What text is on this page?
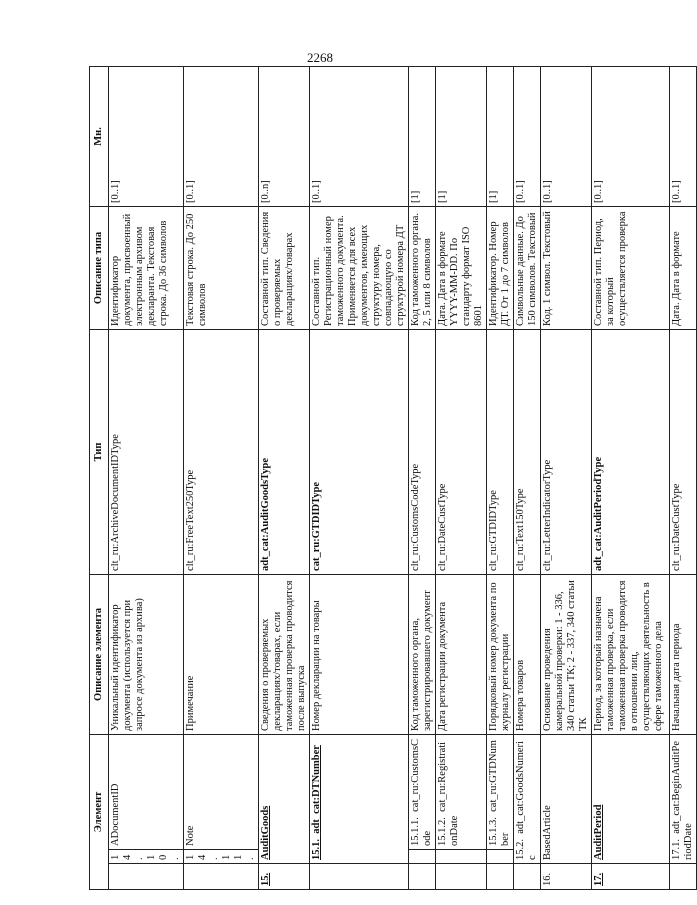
2268
Элемент			Описание элемента	Тип	Описание типа	Мн.
	14.10.	ADocumentID	Уникальный идентификатор документа (используется при запросе документа из архива)	clt_ru:ArchiveDocumentIDType	Идентификатор документа, присвоенный электронным архивом декларанта. Текстовая строка. До 36 символов	[0..1]
	14.11.	Note	Примечание	clt_ru:FreeText250Type	Текстовая строка. До 250 символов	[0..1]
15.	AuditGoods		Сведения о проверяемых декларациях/товарах, если таможенная проверка проводится после выпуска	adt_cat:AuditGoodsType	Составной тип. Сведения о проверяемых декларациях/товарах	[0..n]
	15.1.  adt_cat:DTNumber		Номер декларации на товары	cat_ru:GTDIDType	Составной тип. Регистрационный номер таможенного документа. Применяется для всех документов, имеющих структуру номера, совпадающую со структурой номера ДТ	[0..1]
		15.1.1.  cat_ru:CustomsCode	Код таможенного органа, зарегистрировавшего документ	clt_ru:CustomsCodeType	Код таможенного органа. 2, 5 или 8 символов	[1]
		15.1.2.  cat_ru:RegistrationDate	Дата регистрации документа	clt_ru:DateCustType	Дата. Дата в формате YYYY-MM-DD. По стандарту формат ISO 8601	[1]
		15.1.3.  cat_ru:GTDNumber	Порядковый номер документа по журналу регистрации	clt_ru:GTDIDType	Идентификатор. Номер ДТ. От 1 до 7 символов	[1]
	15.2.  adt_cat:GoodsNumeric		Номера товаров	clt_ru:Text150Type	Символьные данные. До 150 символов. Текстовый	[0..1]
16.	BasedArticle		Основание проведения камеральной проверки: 1 - 336, 340 статьи ТК; 2 - 337, 340 статьи ТК	clt_ru:LetterIndicatorType	Код. 1 символ. Текстовый	[0..1]
17.	AuditPeriod		Период, за который назначена таможенная проверка, если таможенная проверка проводится в отношении лиц, осуществляющих деятельность в сфере таможенного дела	adt_cat:AuditPeriodType	Составной тип. Период, за который осуществляется проверка	[0..1]
	17.1.  adt_cat:BeginAuditPeriodDate		Начальная дата периода	clt_ru:DateCustType	Дата. Дата в формате	[0..1]
